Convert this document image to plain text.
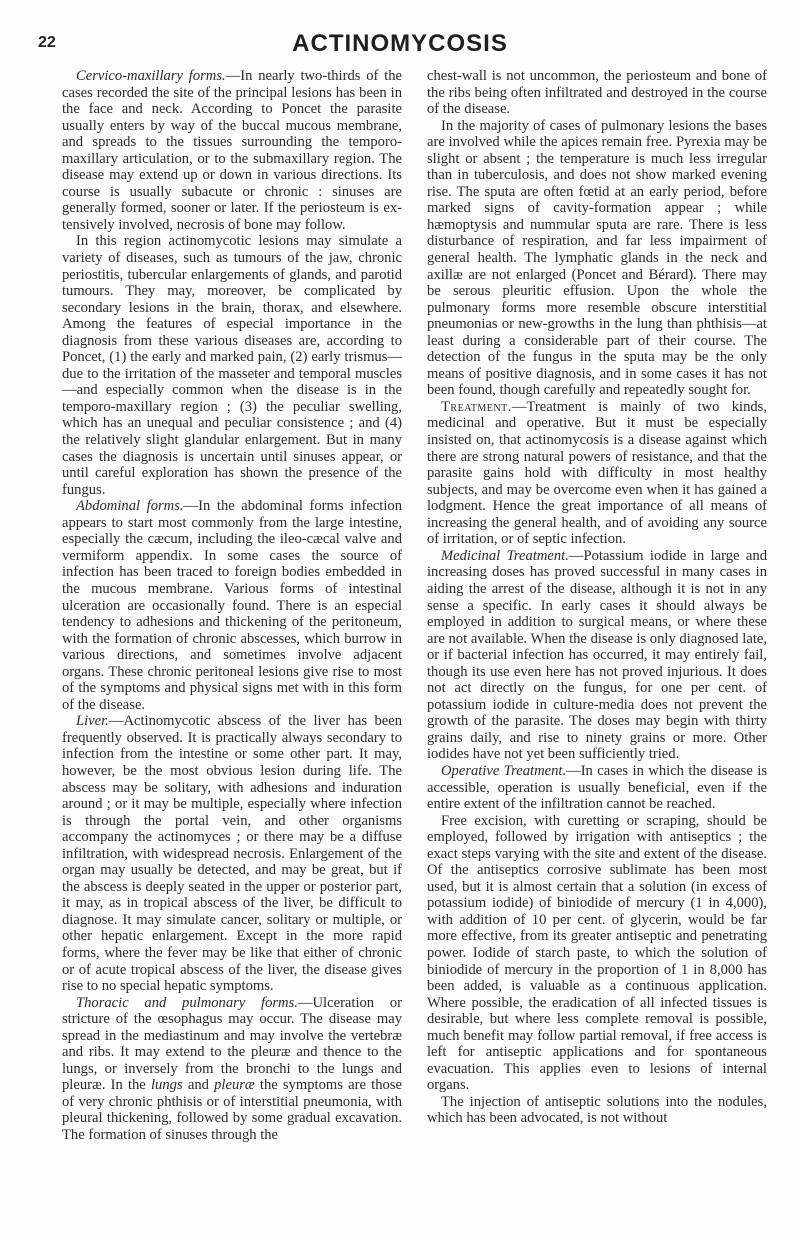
22	ACTINOMYCOSIS

Cervico-maxillary forms.—In nearly two-thirds of the cases recorded the site of the principal lesions has been in the face and neck. According to Poncet the parasite usually enters by way of the buccal mucous membrane, and spreads to the tissues surrounding the temporo-maxillary articulation, or to the submaxillary region. The disease may extend up or down in various directions. Its course is usually subacute or chronic : sinuses are generally formed, sooner or later. If the periosteum is extensively involved, necrosis of bone may follow.

In this region actinomycotic lesions may simulate a variety of diseases, such as tumours of the jaw, chronic periostitis, tubercular enlargements of glands, and parotid tumours. They may, moreover, be complicated by secondary lesions in the brain, thorax, and elsewhere. Among the features of especial importance in the diagnosis from these various diseases are, according to Poncet, (1) the early and marked pain, (2) early trismus—due to the irritation of the masseter and temporal muscles—and especially common when the disease is in the temporo-maxillary region ; (3) the peculiar swelling, which has an unequal and peculiar consistence ; and (4) the relatively slight glandular enlargement. But in many cases the diagnosis is uncertain until sinuses appear, or until careful exploration has shown the presence of the fungus.

Abdominal forms.—In the abdominal forms infection appears to start most commonly from the large intestine, especially the cæcum, including the ileo-cæcal valve and vermiform appendix. In some cases the source of infection has been traced to foreign bodies embedded in the mucous membrane. Various forms of intestinal ulceration are occasionally found. There is an especial tendency to adhesions and thickening of the peritoneum, with the formation of chronic abscesses, which burrow in various directions, and sometimes involve adjacent organs. These chronic peritoneal lesions give rise to most of the symptoms and physical signs met with in this form of the disease.

Liver.—Actinomycotic abscess of the liver has been frequently observed. It is practically always secondary to infection from the intestine or some other part. It may, however, be the most obvious lesion during life. The abscess may be solitary, with adhesions and induration around ; or it may be multiple, especially where infection is through the portal vein, and other organisms accompany the actinomyces ; or there may be a diffuse infiltration, with widespread necrosis. Enlargement of the organ may usually be detected, and may be great, but if the abscess is deeply seated in the upper or posterior part, it may, as in tropical abscess of the liver, be difficult to diagnose. It may simulate cancer, solitary or multiple, or other hepatic enlargement. Except in the more rapid forms, where the fever may be like that either of chronic or of acute tropical abscess of the liver, the disease gives rise to no special hepatic symptoms.

Thoracic and pulmonary forms.—Ulceration or stricture of the œsophagus may occur. The disease may spread in the mediastinum and may involve the vertebræ and ribs. It may extend to the pleuræ and thence to the lungs, or inversely from the bronchi to the lungs and pleuræ. In the lungs and pleuræ the symptoms are those of very chronic phthisis or of interstitial pneumonia, with pleural thickening, followed by some gradual excavation. The formation of sinuses through the

chest-wall is not uncommon, the periosteum and bone of the ribs being often infiltrated and destroyed in the course of the disease.

In the majority of cases of pulmonary lesions the bases are involved while the apices remain free. Pyrexia may be slight or absent ; the temperature is much less irregular than in tuberculosis, and does not show marked evening rise. The sputa are often fœtid at an early period, before marked signs of cavity-formation appear ; while hæmoptysis and nummular sputa are rare. There is less disturbance of respiration, and far less impairment of general health. The lymphatic glands in the neck and axillæ are not enlarged (Poncet and Bérard). There may be serous pleuritic effusion. Upon the whole the pulmonary forms more resemble obscure interstitial pneumonias or new-growths in the lung than phthisis—at least during a considerable part of their course. The detection of the fungus in the sputa may be the only means of positive diagnosis, and in some cases it has not been found, though carefully and repeatedly sought for.

Treatment.—Treatment is mainly of two kinds, medicinal and operative. But it must be especially insisted on, that actinomycosis is a disease against which there are strong natural powers of resistance, and that the parasite gains hold with difficulty in most healthy subjects, and may be overcome even when it has gained a lodgment. Hence the great importance of all means of increasing the general health, and of avoiding any source of irritation, or of septic infection.

Medicinal Treatment.—Potassium iodide in large and increasing doses has proved successful in many cases in aiding the arrest of the disease, although it is not in any sense a specific. In early cases it should always be employed in addition to surgical means, or where these are not available. When the disease is only diagnosed late, or if bacterial infection has occurred, it may entirely fail, though its use even here has not proved injurious. It does not act directly on the fungus, for one per cent. of potassium iodide in culture-media does not prevent the growth of the parasite. The doses may begin with thirty grains daily, and rise to ninety grains or more. Other iodides have not yet been sufficiently tried.

Operative Treatment.—In cases in which the disease is accessible, operation is usually beneficial, even if the entire extent of the infiltration cannot be reached.

Free excision, with curetting or scraping, should be employed, followed by irrigation with antiseptics ; the exact steps varying with the site and extent of the disease. Of the antiseptics corrosive sublimate has been most used, but it is almost certain that a solution (in excess of potassium iodide) of biniodide of mercury (1 in 4,000), with addition of 10 per cent. of glycerin, would be far more effective, from its greater antiseptic and penetrating power. Iodide of starch paste, to which the solution of biniodide of mercury in the proportion of 1 in 8,000 has been added, is valuable as a continuous application. Where possible, the eradication of all infected tissues is desirable, but where less complete removal is possible, much benefit may follow partial removal, if free access is left for antiseptic applications and for spontaneous evacuation. This applies even to lesions of internal organs.

The injection of antiseptic solutions into the nodules, which has been advocated, is not without
